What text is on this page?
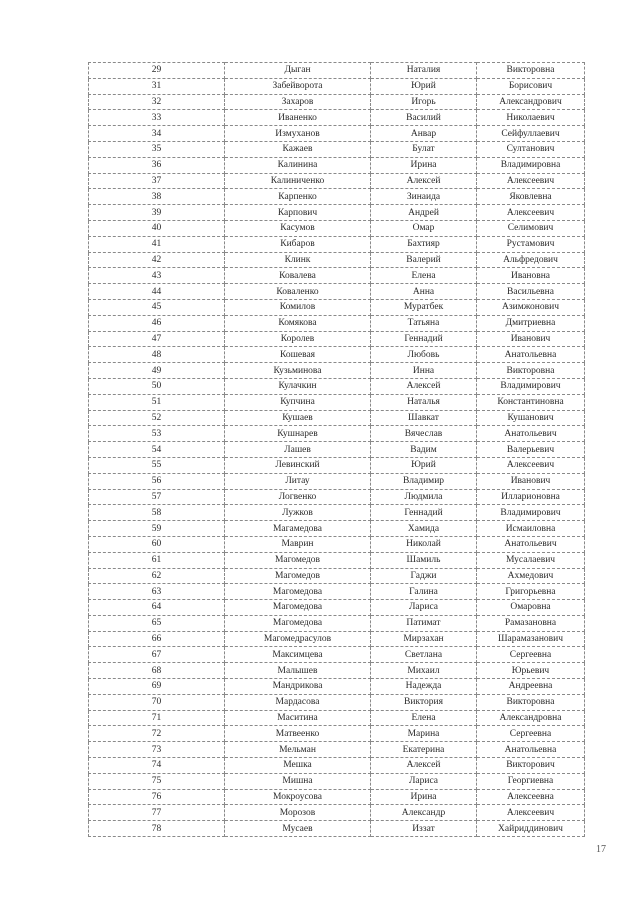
29	Дыган	Наталия	Викторовна
31	Забейворота	Юрий	Борисович
32	Захаров	Игорь	Александрович
33	Иваненко	Василий	Николаевич
34	Измуханов	Анвар	Сейфуллаевич
35	Кажаев	Булат	Султанович
36	Калинина	Ирина	Владимировна
37	Калиниченко	Алексей	Алексеевич
38	Карпенко	Зинаида	Яковлевна
39	Карпович	Андрей	Алексеевич
40	Касумов	Омар	Селимович
41	Кибаров	Бахтияр	Рустамович
42	Клинк	Валерий	Альфредович
43	Ковалева	Елена	Ивановна
44	Коваленко	Анна	Васильевна
45	Комилов	Муратбек	Азимжонович
46	Комякова	Татьяна	Дмитриевна
47	Королев	Геннадий	Иванович
48	Кошевая	Любовь	Анатольевна
49	Кузьминова	Инна	Викторовна
50	Кулачкин	Алексей	Владимирович
51	Купчина	Наталья	Константиновна
52	Кушаев	Шавкат	Кушанович
53	Кушнарев	Вячеслав	Анатольевич
54	Лашев	Вадим	Валерьевич
55	Левинский	Юрий	Алексеевич
56	Литау	Владимир	Иванович
57	Логвенко	Людмила	Илларионовна
58	Лужков	Геннадий	Владимирович
59	Магамедова	Хамида	Исмаиловна
60	Маврин	Николай	Анатольевич
61	Магомедов	Шамиль	Мусалаевич
62	Магомедов	Гаджи	Ахмедович
63	Магомедова	Галина	Григорьевна
64	Магомедова	Лариса	Омаровна
65	Магомедова	Патимат	Рамазановна
66	Магомедрасулов	Мирзахан	Шарамазанович
67	Максимцева	Светлана	Сергеевна
68	Малышев	Михаил	Юрьевич
69	Мандрикова	Надежда	Андреевна
70	Мардасова	Виктория	Викторовна
71	Маситина	Елена	Александровна
72	Матвеенко	Марина	Сергеевна
73	Мельман	Екатерина	Анатольевна
74	Мешка	Алексей	Викторович
75	Мишна	Лариса	Георгиевна
76	Мокроусова	Ирина	Алексеевна
77	Морозов	Александр	Алексеевич
78	Мусаев	Иззат	Хайриддинович
17
